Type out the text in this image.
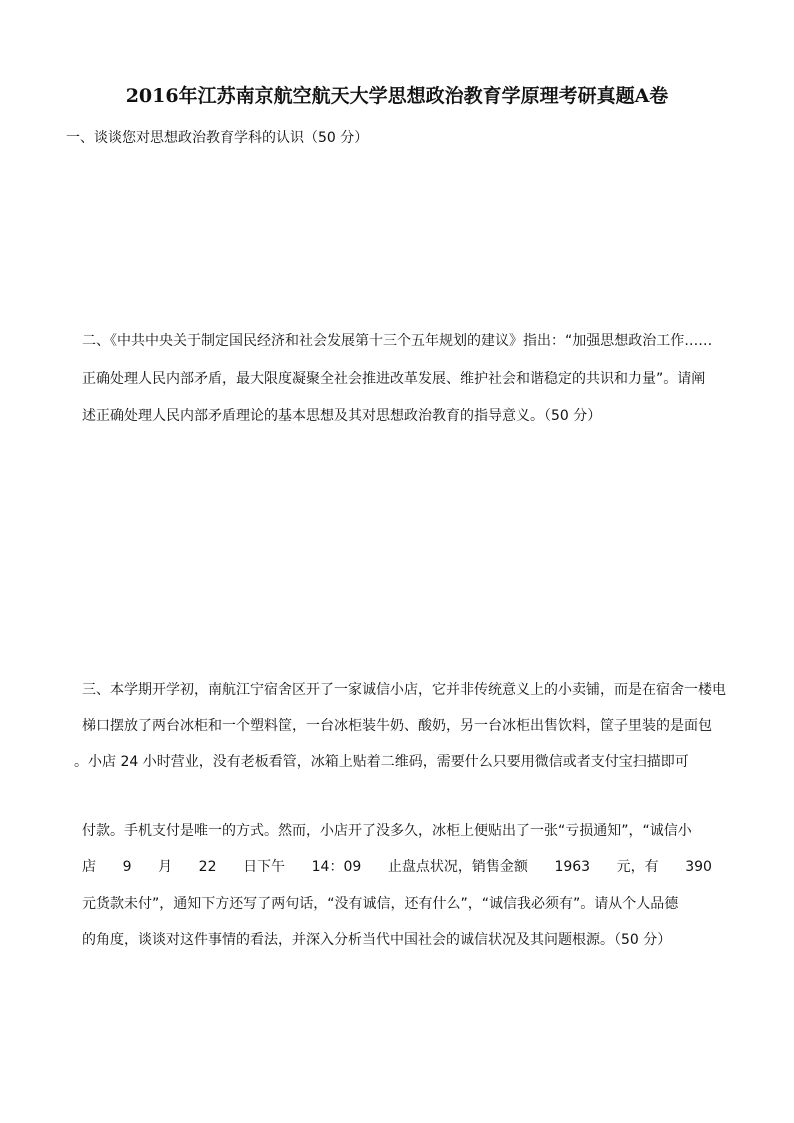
2016年江苏南京航空航天大学思想政治教育学原理考研真题A卷

一、谈谈您对思想政治教育学科的认识（50 分）

二、《中共中央关于制定国民经济和社会发展第十三个五年规划的建议》指出：“加强思想政治工作……

正确处理人民内部矛盾，最大限度凝聚全社会推进改革发展、维护社会和谐稳定的共识和力量”。请阐

述正确处理人民内部矛盾理论的基本思想及其对思想政治教育的指导意义。（50 分）

三、本学期开学初，南航江宁宿舍区开了一家诚信小店，它并非传统意义上的小卖铺，而是在宿舍一楼电

梯口摆放了两台冰柜和一个塑料筐，一台冰柜装牛奶、酸奶，另一台冰柜出售饮料，筐子里装的是面包

。小店 24 小时营业，没有老板看管，冰箱上贴着二维码，需要什么只要用微信或者支付宝扫描即可

付款。手机支付是唯一的方式。然而，小店开了没多久，冰柜上便贴出了一张“亏损通知”，“诚信小

店 9 月 22 日下午 14：09 止盘点状况，销售金额 1963 元，有 390

元货款未付”，通知下方还写了两句话，“没有诚信，还有什么”，“诚信我必须有”。请从个人品德

的角度，谈谈对这件事情的看法，并深入分析当代中国社会的诚信状况及其问题根源。（50 分）
